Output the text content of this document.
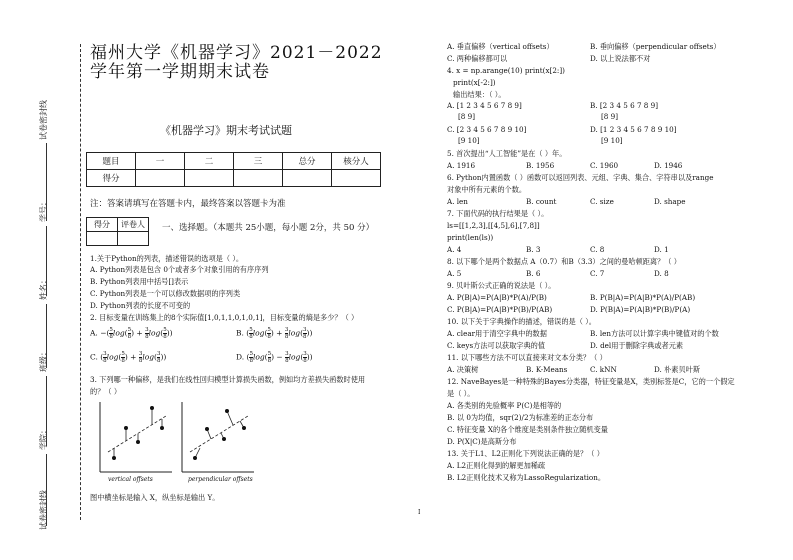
试卷密封线
学号：
姓名：
班级：
学院：
试卷密封线
福州大学《机器学习》2021－2022
学年第一学期期末试卷
《机器学习》期末考试试题
题目	一	二	三	总分	核分人
得分					
注：答案请填写在答题卡内，最终答案以答题卡为准
得分	评卷人
	一、选择题。（本题共 25小题，每小题 2分，共 50 分）
1.关于Python的列表，描述错误的选项是（ ）。
A. Python列表是包含 0个或者多个对象引用的有序序列
B. Python列表用中括号[]表示
C. Python列表是一个可以修改数据项的序列类
D. Python列表的长度不可变的
2. 目标变量在训练集上的8个实际值[1,0,1,1,0,1,0,1]，目标变量的熵是多少？（ ）
A. −( $\frac{5}{8} \log( \frac{5}{8}$ ) + $\frac{3}{8} \log( \frac{5}{8}$ ))	B. ( $\frac{5}{8} \log( \frac{5}{8}$ ) + $\frac{3}{8} \log( \frac{3}{8}$ ))
C. ( $\frac{3}{8} \log( \frac{5}{8}$ ) + $\frac{3}{8} \log( \frac{3}{8}$ ))	D. ( $\frac{5}{8} \log( \frac{5}{8}$ ) − $\frac{3}{8} \log( \frac{3}{8}$ ))
3. 下列哪一种偏移，是我们在线性回归模型计算损失函数，例如均方差损失函数时使用
的？（ ）
vertical offsets	perpendicular offsets
图中横坐标是输入 X，纵坐标是输出 Y。
A. 垂直偏移（vertical offsets）	B. 垂向偏移（perpendicular offsets）
C. 两种偏移都可以	D. 以上说法都不对
4. x = np.arange(10) print(x[2:])
print(x[-2:])
输出结果：（ ）。
A. [1 2 3 4 5 6 7 8 9]
[8 9]
B. [2 3 4 5 6 7 8 9]
[8 9]
C. [2 3 4 5 6 7 8 9 10]
[9 10]
D. [1 2 3 4 5 6 7 8 9 10]
[9 10]
5. 首次提出“人工智能”是在（ ）年。
A. 1916	B. 1956	C. 1960	D. 1946
6. Python内置函数（ ）函数可以返回列表、元组、字典、集合、字符串以及range
对象中所有元素的个数。
A. len	B. count	C. size	D. shape
7. 下面代码的执行结果是（ ）。
ls=[[1,2,3],[[4,5],6],[7,8]]
print(len(ls))
A. 4	B. 3	C. 8	D. 1
8. 以下哪个是两个数据点 A（0.7）和B（3.3）之间的曼哈顿距离？（ ）
A. 5	B. 6	C. 7	D. 8
9. 贝叶斯公式正确的说法是（ ）。
A. P(B|A)=P(A|B)*P(A)/P(B)	B. P(B|A)=P(A|B)*P(A)/P(AB)
C. P(B|A)=P(A|B)*P(B)/P(AB)	D. P(B|A)=P(A|B)*P(B)/P(A)
10. 以下关于字典操作的描述，错误的是（ ）。
A. clear用于清空字典中的数据	B. len方法可以计算字典中键值对的个数
C. keys方法可以获取字典的值	D. del用于删除字典或者元素
11. 以下哪些方法不可以直接来对文本分类？（ ）
A. 决策树	B. K-Means	C. kNN	D. 朴素贝叶斯
12. NaveBayes是一种特殊的Bayes分类器，特征变量是X，类别标签是C，它的一个假定
是（ ）。
A. 各类别的先验概率 P(C)是相等的
B. 以 0为均值，sqr(2)/2为标准差的正态分布
C. 特征变量 X的各个维度是类别条件独立随机变量
D. P(X|C)是高斯分布
13. 关于L1、L2正则化下列说法正确的是？（ ）
A. L2正则化得到的解更加稀疏
B. L2正则化技术又称为LassoRegularization。
I
